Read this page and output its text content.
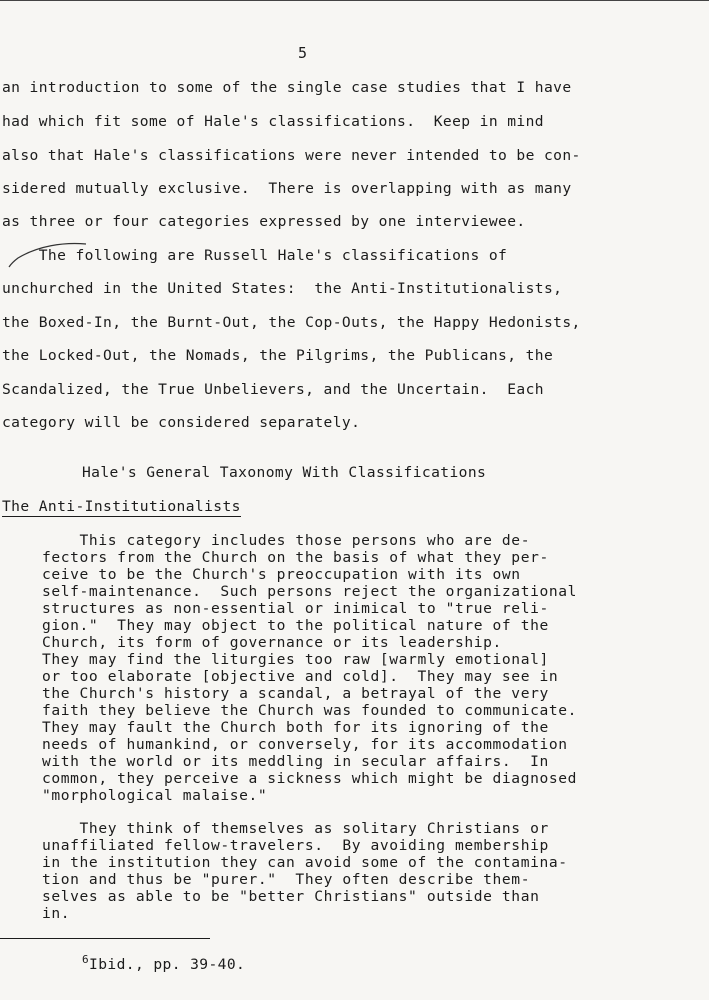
5
an introduction to some of the single case studies that I have
had which fit some of Hale's classifications.  Keep in mind
also that Hale's classifications were never intended to be con-
sidered mutually exclusive.  There is overlapping with as many
as three or four categories expressed by one interviewee.
The following are Russell Hale's classifications of
unchurched in the United States:  the Anti-Institutionalists,
the Boxed-In, the Burnt-Out, the Cop-Outs, the Happy Hedonists,
the Locked-Out, the Nomads, the Pilgrims, the Publicans, the
Scandalized, the True Unbelievers, and the Uncertain.  Each
category will be considered separately.
Hale's General Taxonomy With Classifications
The Anti-Institutionalists
This category includes those persons who are de-
fectors from the Church on the basis of what they per-
ceive to be the Church's preoccupation with its own
self-maintenance.  Such persons reject the organizational
structures as non-essential or inimical to "true reli-
gion."  They may object to the political nature of the
Church, its form of governance or its leadership.
They may find the liturgies too raw [warmly emotional]
or too elaborate [objective and cold].  They may see in
the Church's history a scandal, a betrayal of the very
faith they believe the Church was founded to communicate.
They may fault the Church both for its ignoring of the
needs of humankind, or conversely, for its accommodation
with the world or its meddling in secular affairs.  In
common, they perceive a sickness which might be diagnosed
"morphological malaise."
They think of themselves as solitary Christians or
unaffiliated fellow-travelers.  By avoiding membership
in the institution they can avoid some of the contamina-
tion and thus be "purer."  They often describe them-
selves as able to be "better Christians" outside than
in.
$^6$Ibid., pp. 39-40.
